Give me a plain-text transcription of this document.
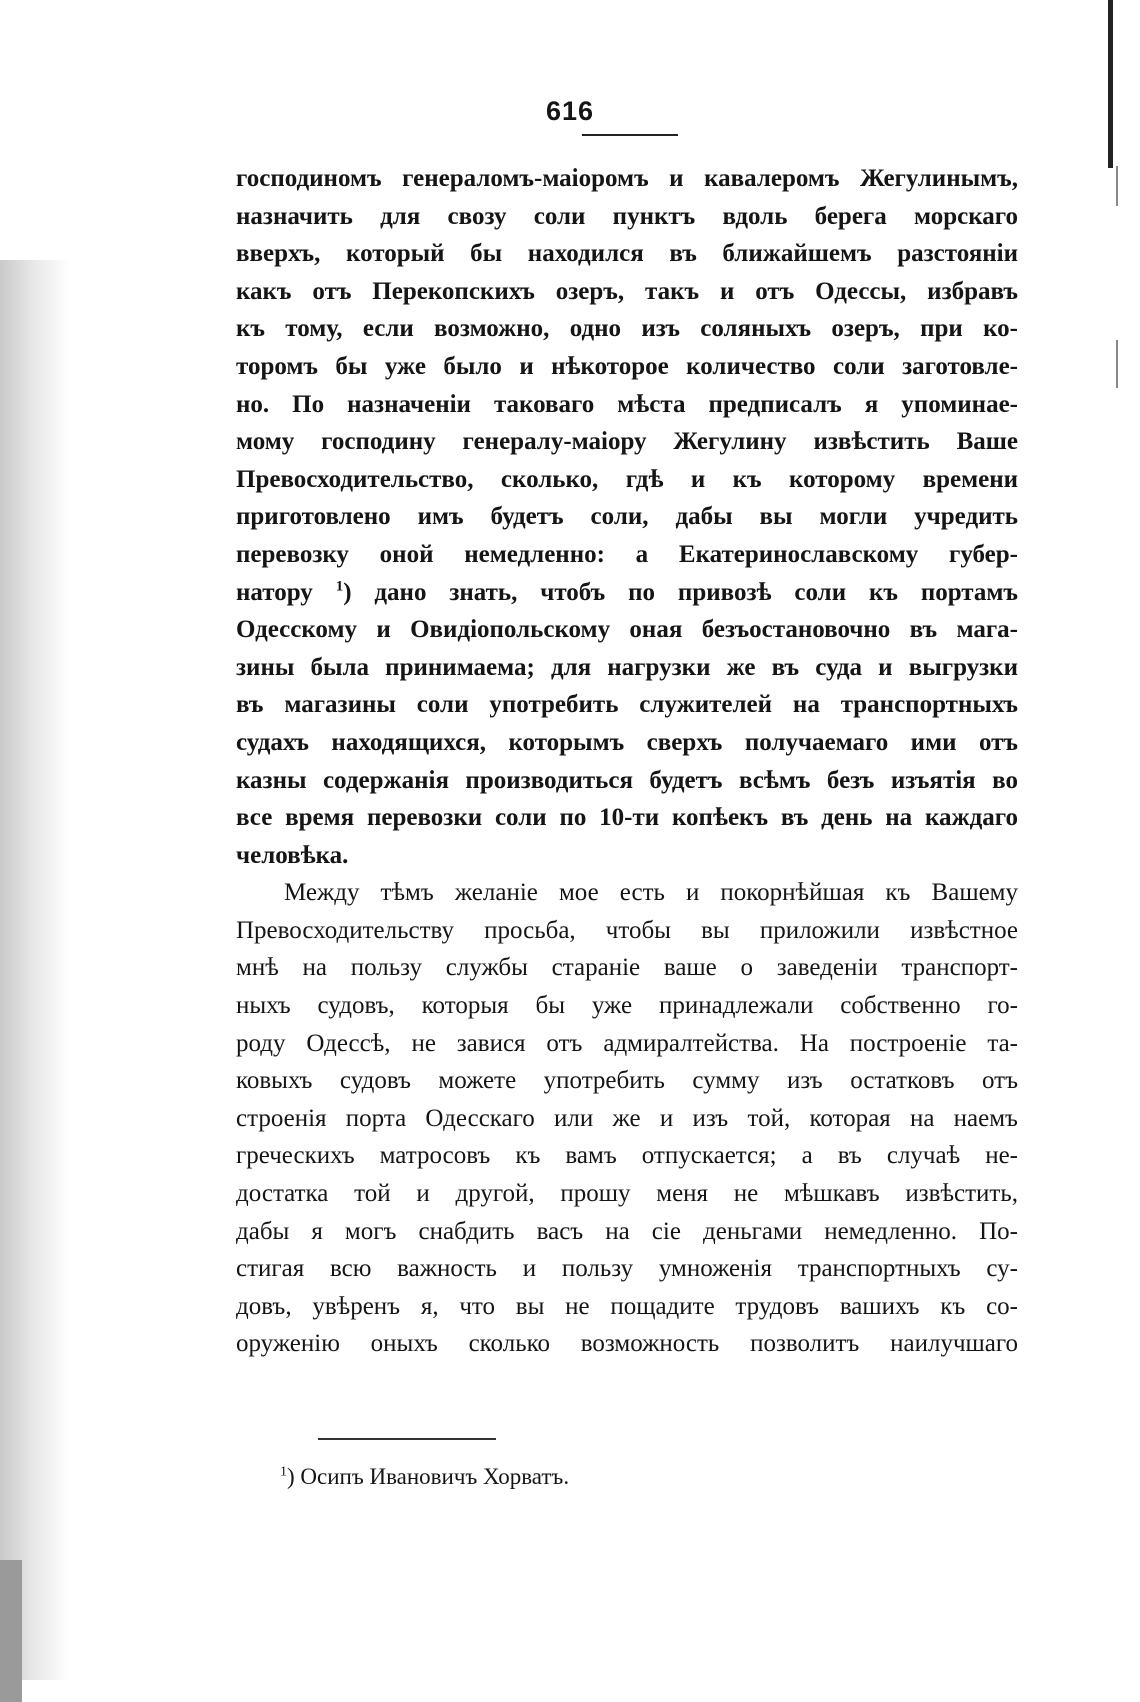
616
господиномъ генераломъ-маіоромъ и кавалеромъ Жегулинымъ,
назначить для свозу соли пунктъ вдоль берега морскаго
вверхъ, который бы находился въ ближайшемъ разстояніи
какъ отъ Перекопскихъ озеръ, такъ и отъ Одессы, избравъ
къ тому, если возможно, одно изъ соляныхъ озеръ, при ко-
торомъ бы уже было и нѣкоторое количество соли заготовле-
но. По назначеніи таковаго мѣста предписалъ я упоминае-
мому господину генералу-маіору Жегулину извѣстить Ваше
Превосходительство, сколько, гдѣ и къ которому времени
приготовлено имъ будетъ соли, дабы вы могли учредить
перевозку оной немедленно: а Екатеринославскому губер-
натору $^1$) дано знать, чтобъ по привозѣ соли къ портамъ
Одесскому и Овидіопольскому оная безъостановочно въ мага-
зины была принимаема; для нагрузки же въ суда и выгрузки
въ магазины соли употребить служителей на транспортныхъ
судахъ находящихся, которымъ сверхъ получаемаго ими отъ
казны содержанія производиться будетъ всѣмъ безъ изъятія во
все время перевозки соли по 10-ти копѣекъ въ день на каждаго
человѣка.
Между тѣмъ желаніе мое есть и покорнѣйшая къ Вашему
Превосходительству просьба, чтобы вы приложили извѣстное
мнѣ на пользу службы стараніе ваше о заведеніи транспорт-
ныхъ судовъ, которыя бы уже принадлежали собственно го-
роду Одессѣ, не завися отъ адмиралтейства. На построеніе та-
ковыхъ судовъ можете употребить сумму изъ остатковъ отъ
строенія порта Одесскаго или же и изъ той, которая на наемъ
греческихъ матросовъ къ вамъ отпускается; а въ случаѣ не-
достатка той и другой, прошу меня не мѣшкавъ извѣстить,
дабы я могъ снабдить васъ на сіе деньгами немедленно. По-
стигая всю важность и пользу умноженія транспортныхъ су-
довъ, увѣренъ я, что вы не пощадите трудовъ вашихъ къ со-
оруженію оныхъ сколько возможность позволитъ наилучшаго
$^1$) Осипъ Ивановичъ Хорватъ.
